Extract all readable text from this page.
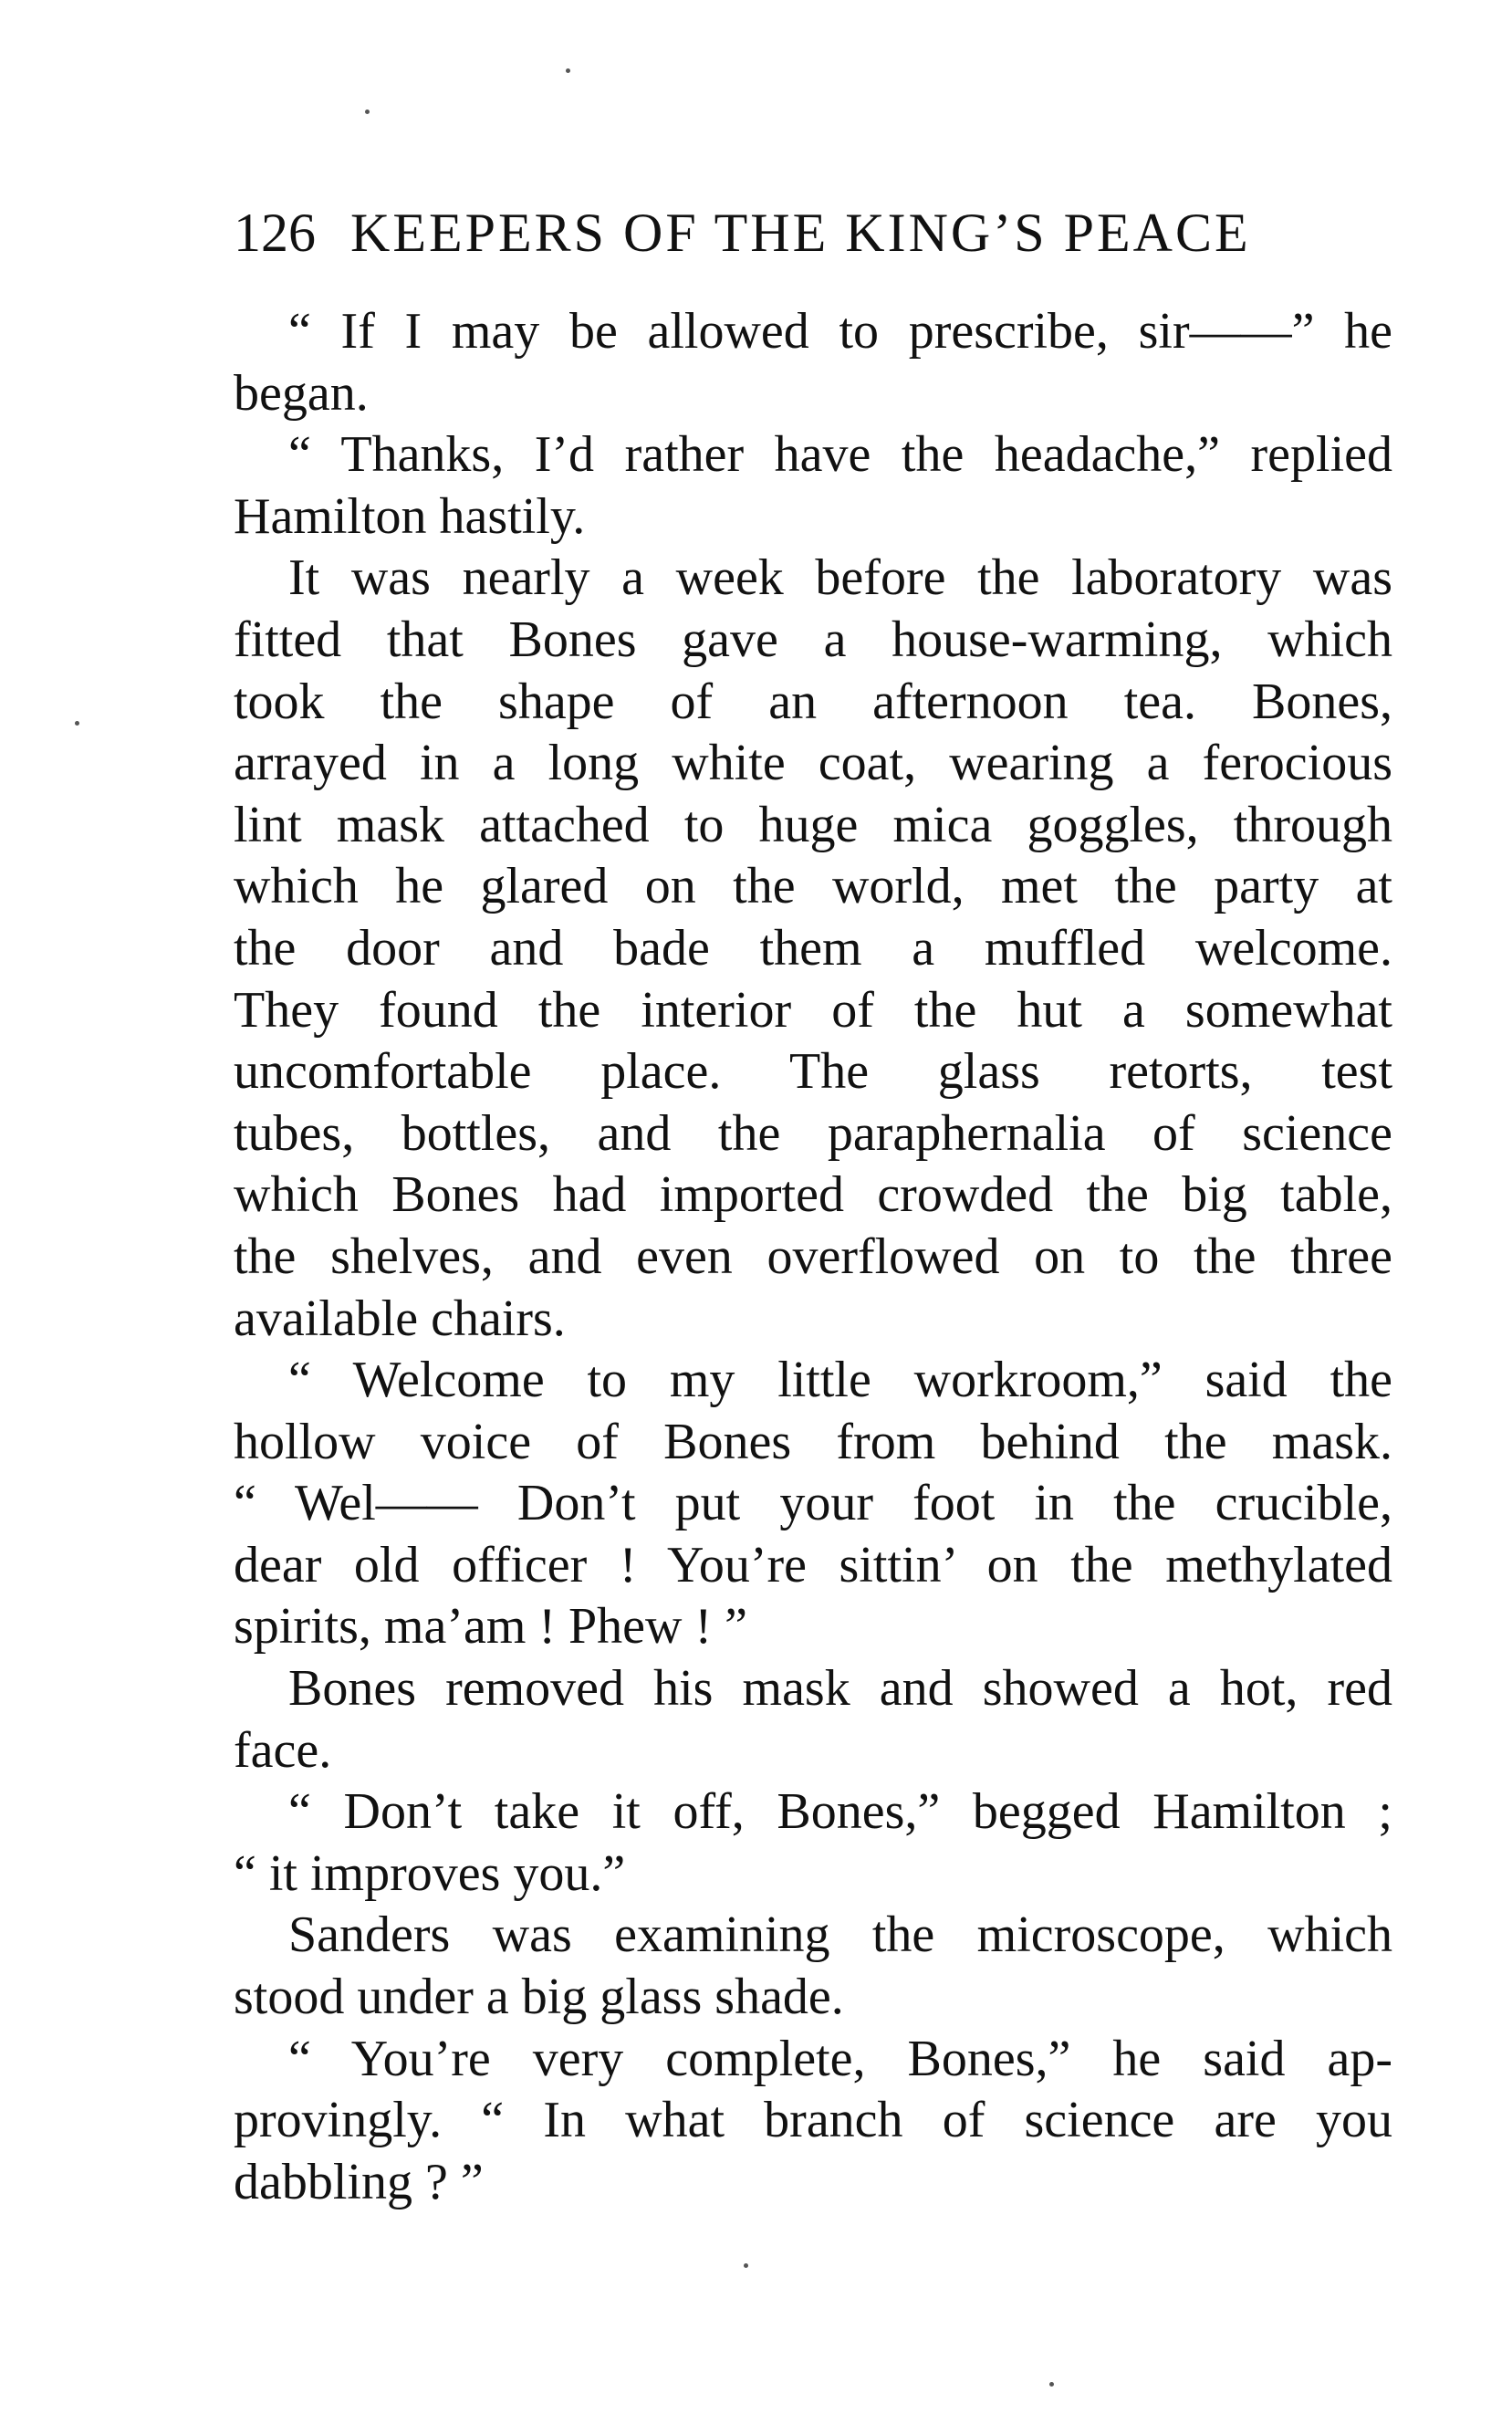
126 KEEPERS OF THE KING’S PEACE
“ If I may be allowed to prescribe, sir——” he
began.
“ Thanks, I’d rather have the headache,” replied
Hamilton hastily.
It was nearly a week before the laboratory was
fitted that Bones gave a house-warming, which
took the shape of an afternoon tea. Bones,
arrayed in a long white coat, wearing a ferocious
lint mask attached to huge mica goggles, through
which he glared on the world, met the party at
the door and bade them a muffled welcome.
They found the interior of the hut a somewhat
uncomfortable place. The glass retorts, test
tubes, bottles, and the paraphernalia of science
which Bones had imported crowded the big table,
the shelves, and even overflowed on to the three
available chairs.
“ Welcome to my little workroom,” said the
hollow voice of Bones from behind the mask.
“ Wel—— Don’t put your foot in the crucible,
dear old officer ! You’re sittin’ on the methylated
spirits, ma’am ! Phew ! ”
Bones removed his mask and showed a hot, red
face.
“ Don’t take it off, Bones,” begged Hamilton ;
“ it improves you.”
Sanders was examining the microscope, which
stood under a big glass shade.
“ You’re very complete, Bones,” he said ap-
provingly. “ In what branch of science are you
dabbling ? ”
